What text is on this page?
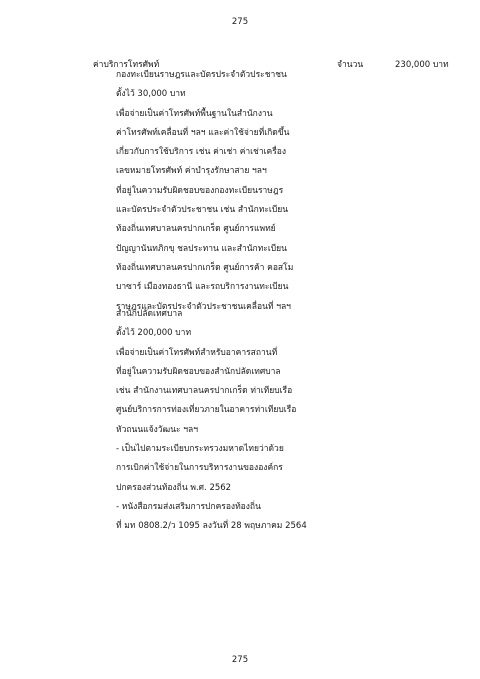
275
ค่าบริการโทรศัพท์	จำนวน	230,000 บาท
กองทะเบียนราษฎรและบัตรประจำตัวประชาชน
ตั้งไว้ 30,000 บาท
เพื่อจ่ายเป็นค่าโทรศัพท์พื้นฐานในสำนักงาน
ค่าโทรศัพท์เคลื่อนที่ ฯลฯ และค่าใช้จ่ายที่เกิดขึ้น
เกี่ยวกับการใช้บริการ เช่น ค่าเช่า ค่าเช่าเครื่อง
เลขหมายโทรศัพท์ ค่าบำรุงรักษาสาย ฯลฯ
ที่อยู่ในความรับผิดชอบของกองทะเบียนราษฎร
และบัตรประจำตัวประชาชน เช่น สำนักทะเบียน
ท้องถิ่นเทศบาลนครปากเกร็ด ศูนย์การแพทย์
ปัญญานันทภิกขุ ชลประทาน และสำนักทะเบียน
ท้องถิ่นเทศบาลนครปากเกร็ด ศูนย์การค้า คอสโม
บาซาร์ เมืองทองธานี และรถบริการงานทะเบียน
ราษฎรและบัตรประจำตัวประชาชนเคลื่อนที่ ฯลฯ
สำนักปลัดเทศบาล
ตั้งไว้ 200,000 บาท
เพื่อจ่ายเป็นค่าโทรศัพท์สำหรับอาคารสถานที่
ที่อยู่ในความรับผิดชอบของสำนักปลัดเทศบาล
เช่น สำนักงานเทศบาลนครปากเกร็ด ท่าเทียบเรือ
ศูนย์บริการการท่องเที่ยวภายในอาคารท่าเทียบเรือ
หัวถนนแจ้งวัฒนะ ฯลฯ
- เป็นไปตามระเบียบกระทรวงมหาดไทยว่าด้วย
การเบิกค่าใช้จ่ายในการบริหารงานขององค์กร
ปกครองส่วนท้องถิ่น พ.ศ. 2562
- หนังสือกรมส่งเสริมการปกครองท้องถิ่น
ที่ มท 0808.2/ว 1095 ลงวันที่ 28 พฤษภาคม 2564
275
